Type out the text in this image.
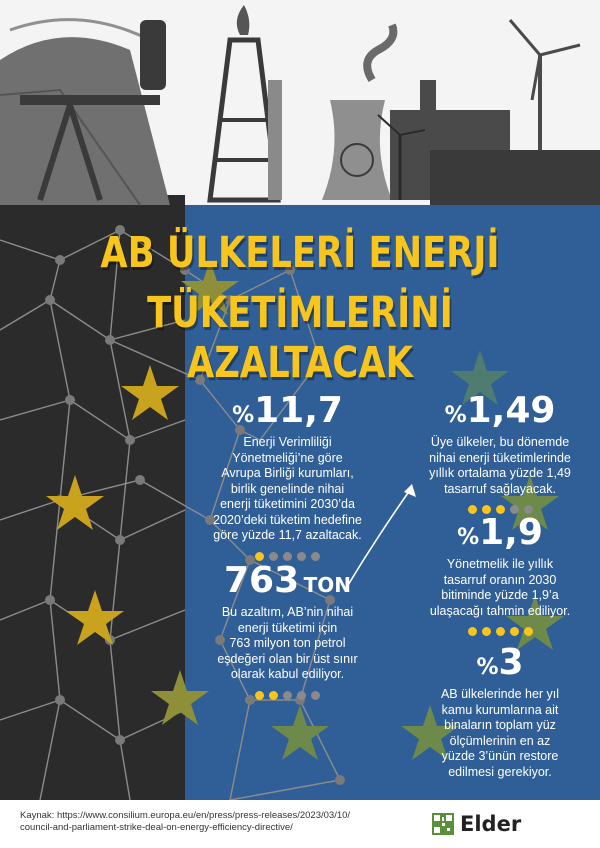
AB ÜLKELERİ ENERJİ
TÜKETİMLERİNİ AZALTACAK
%11,7
Enerji Verimliliği
Yönetmeliği’ne göre
Avrupa Birliği kurumları,
birlik genelinde nihai
enerji tüketimini 2030’da
2020’deki tüketim hedefine
göre yüzde 11,7 azaltacak.
%1,49
Üye ülkeler, bu dönemde
nihai enerji tüketimlerinde
yıllık ortalama yüzde 1,49
tasarruf sağlayacak.
763 TON
Bu azaltım, AB’nin nihai
enerji tüketimi için
763 milyon ton petrol
eşdeğeri olan bir üst sınır
olarak kabul ediliyor.
%1,9
Yönetmelik ile yıllık
tasarruf oranın 2030
bitiminde yüzde 1,9’a
ulaşacağı tahmin ediliyor.
%3
AB ülkelerinde her yıl
kamu kurumlarına ait
binaların toplam yüz
ölçümlerinin en az
yüzde 3’ünün restore
edilmesi gerekiyor.
Kaynak: https://www.consilium.europa.eu/en/press/press-releases/2023/03/10/
council-and-parliament-strike-deal-on-energy-efficiency-directive/	Elder
